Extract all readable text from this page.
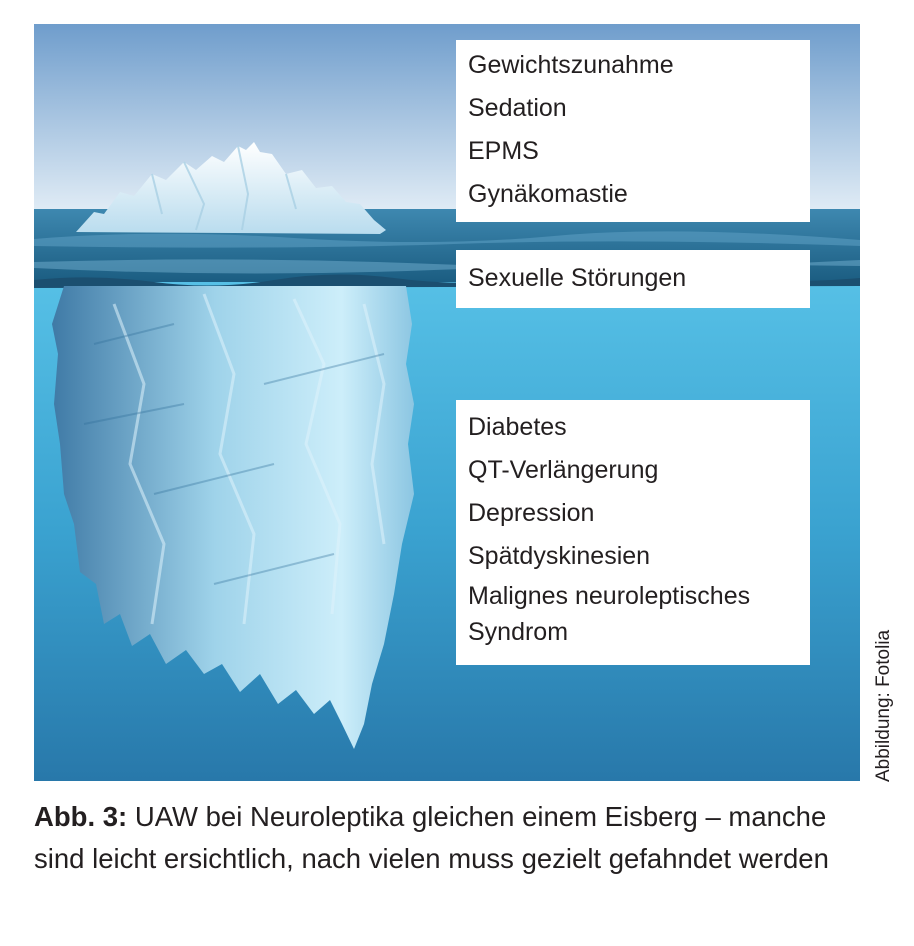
Gewichtszunahme
Sedation
EPMS
Gynäkomastie
Sexuelle Störungen
Diabetes
QT-Verlängerung
Depression
Spätdyskinesien
Malignes neuroleptisches
Syndrom	Abbildung: Fotolia
Abb. 3: UAW bei Neuroleptika gleichen einem Eisberg – manche sind leicht ersichtlich, nach vielen muss gezielt gefahndet werden
